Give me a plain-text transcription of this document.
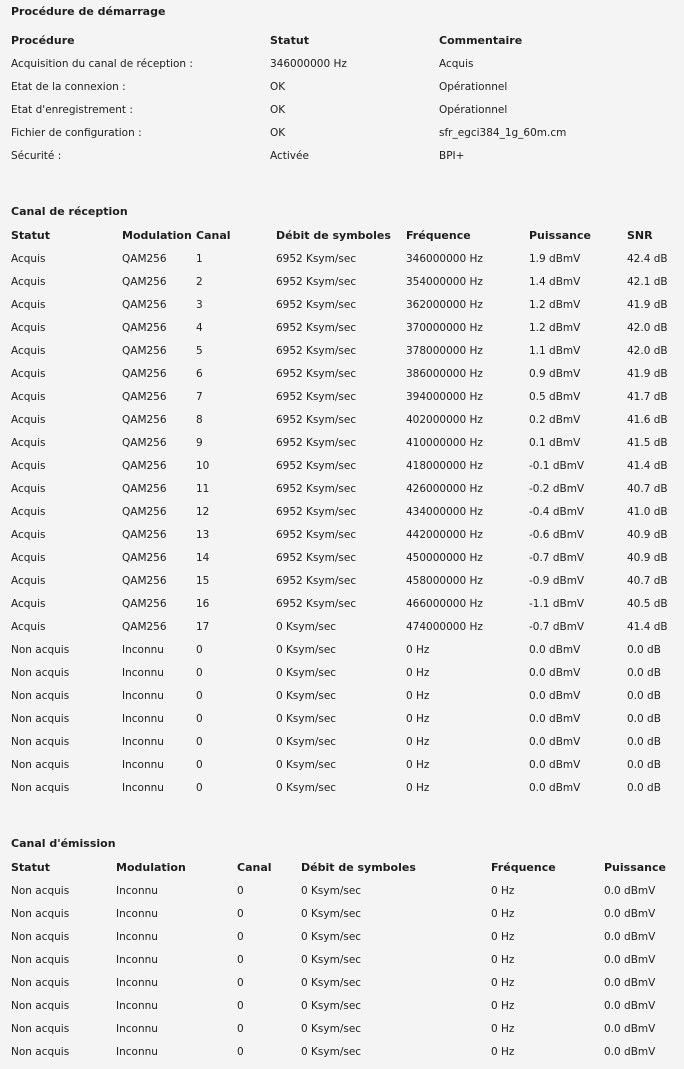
Procédure de démarrage
Procédure	Statut	Commentaire
Acquisition du canal de réception :	346000000 Hz	Acquis
Etat de la connexion :	OK	Opérationnel
Etat d'enregistrement :	OK	Opérationnel
Fichier de configuration :	OK	sfr_egci384_1g_60m.cm
Sécurité :	Activée	BPI+
Canal de réception
Statut	Modulation	Canal	Débit de symboles	Fréquence	Puissance	SNR
Acquis	QAM256	1	6952 Ksym/sec	346000000 Hz	1.9 dBmV	42.4 dB
Acquis	QAM256	2	6952 Ksym/sec	354000000 Hz	1.4 dBmV	42.1 dB
Acquis	QAM256	3	6952 Ksym/sec	362000000 Hz	1.2 dBmV	41.9 dB
Acquis	QAM256	4	6952 Ksym/sec	370000000 Hz	1.2 dBmV	42.0 dB
Acquis	QAM256	5	6952 Ksym/sec	378000000 Hz	1.1 dBmV	42.0 dB
Acquis	QAM256	6	6952 Ksym/sec	386000000 Hz	0.9 dBmV	41.9 dB
Acquis	QAM256	7	6952 Ksym/sec	394000000 Hz	0.5 dBmV	41.7 dB
Acquis	QAM256	8	6952 Ksym/sec	402000000 Hz	0.2 dBmV	41.6 dB
Acquis	QAM256	9	6952 Ksym/sec	410000000 Hz	0.1 dBmV	41.5 dB
Acquis	QAM256	10	6952 Ksym/sec	418000000 Hz	-0.1 dBmV	41.4 dB
Acquis	QAM256	11	6952 Ksym/sec	426000000 Hz	-0.2 dBmV	40.7 dB
Acquis	QAM256	12	6952 Ksym/sec	434000000 Hz	-0.4 dBmV	41.0 dB
Acquis	QAM256	13	6952 Ksym/sec	442000000 Hz	-0.6 dBmV	40.9 dB
Acquis	QAM256	14	6952 Ksym/sec	450000000 Hz	-0.7 dBmV	40.9 dB
Acquis	QAM256	15	6952 Ksym/sec	458000000 Hz	-0.9 dBmV	40.7 dB
Acquis	QAM256	16	6952 Ksym/sec	466000000 Hz	-1.1 dBmV	40.5 dB
Acquis	QAM256	17	0 Ksym/sec	474000000 Hz	-0.7 dBmV	41.4 dB
Non acquis	Inconnu	0	0 Ksym/sec	0 Hz	0.0 dBmV	0.0 dB
Non acquis	Inconnu	0	0 Ksym/sec	0 Hz	0.0 dBmV	0.0 dB
Non acquis	Inconnu	0	0 Ksym/sec	0 Hz	0.0 dBmV	0.0 dB
Non acquis	Inconnu	0	0 Ksym/sec	0 Hz	0.0 dBmV	0.0 dB
Non acquis	Inconnu	0	0 Ksym/sec	0 Hz	0.0 dBmV	0.0 dB
Non acquis	Inconnu	0	0 Ksym/sec	0 Hz	0.0 dBmV	0.0 dB
Non acquis	Inconnu	0	0 Ksym/sec	0 Hz	0.0 dBmV	0.0 dB
Canal d'émission
Statut	Modulation	Canal	Débit de symboles	Fréquence	Puissance
Non acquis	Inconnu	0	0 Ksym/sec	0 Hz	0.0 dBmV
Non acquis	Inconnu	0	0 Ksym/sec	0 Hz	0.0 dBmV
Non acquis	Inconnu	0	0 Ksym/sec	0 Hz	0.0 dBmV
Non acquis	Inconnu	0	0 Ksym/sec	0 Hz	0.0 dBmV
Non acquis	Inconnu	0	0 Ksym/sec	0 Hz	0.0 dBmV
Non acquis	Inconnu	0	0 Ksym/sec	0 Hz	0.0 dBmV
Non acquis	Inconnu	0	0 Ksym/sec	0 Hz	0.0 dBmV
Non acquis	Inconnu	0	0 Ksym/sec	0 Hz	0.0 dBmV
